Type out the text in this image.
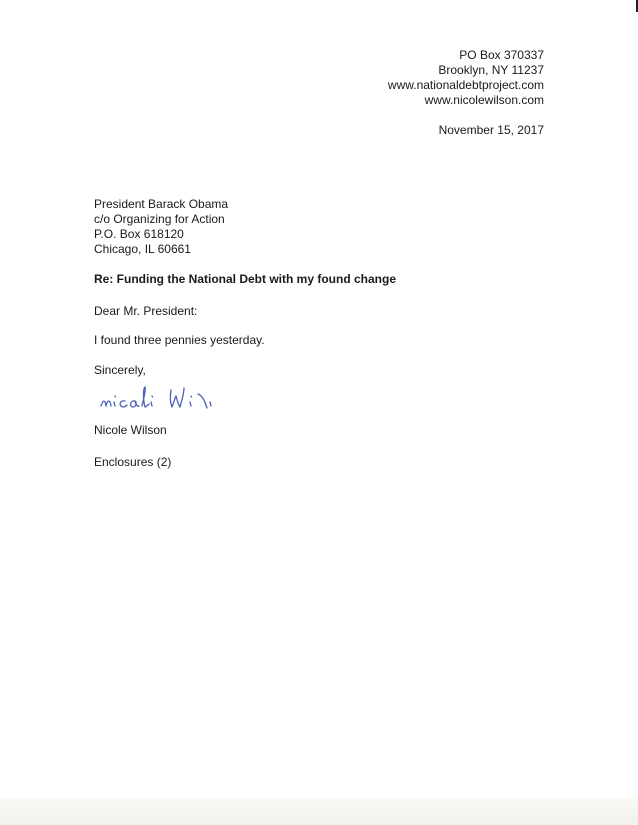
PO Box 370337
Brooklyn, NY 11237
www.nationaldebtproject.com
www.nicolewilson.com
November 15, 2017
President Barack Obama
c/o Organizing for Action
P.O. Box 618120
Chicago, IL 60661
Re: Funding the National Debt with my found change
Dear Mr. President:
I found three pennies yesterday.
Sincerely,
Nicole Wilson
Enclosures (2)
